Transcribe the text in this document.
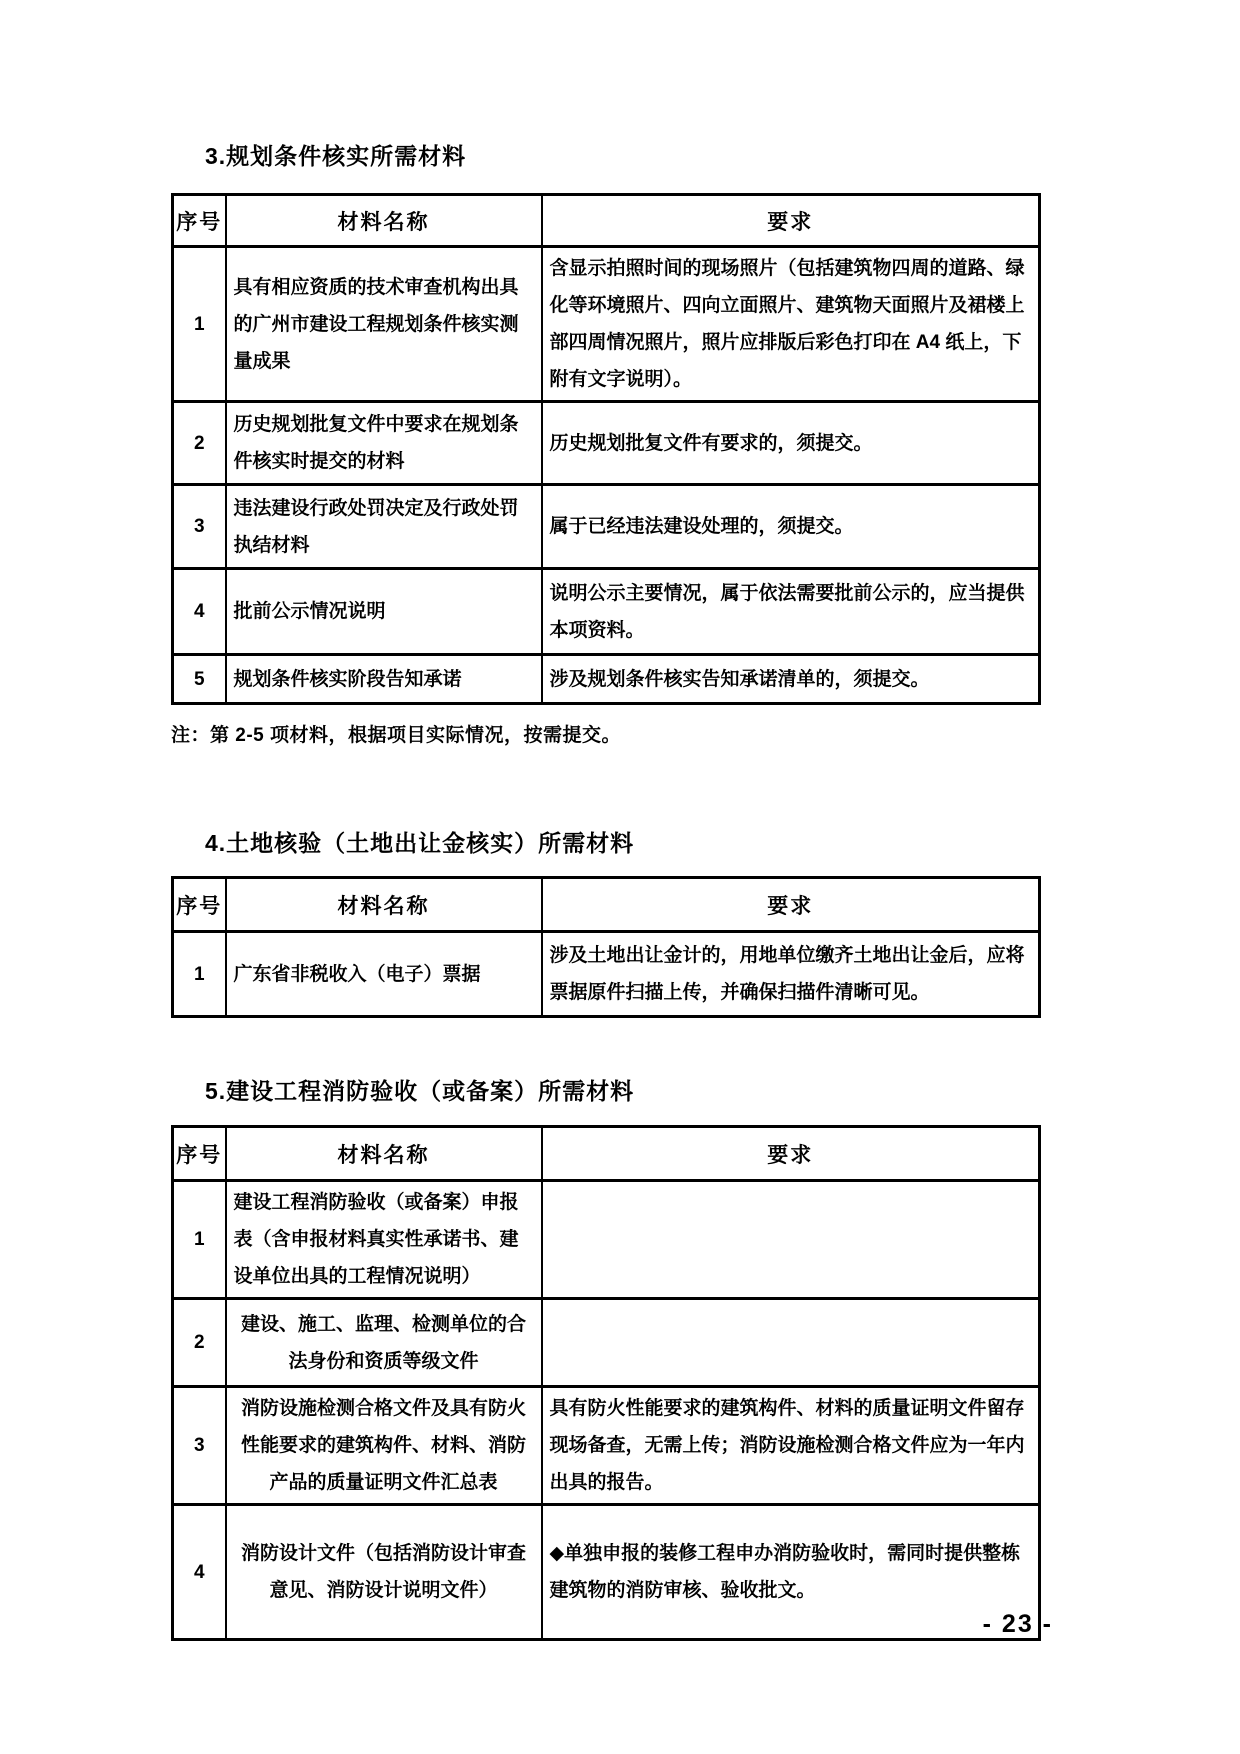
3.规划条件核实所需材料
序号	材料名称	要求
1	具有相应资质的技术审查机构出具的广州市建设工程规划条件核实测量成果	含显示拍照时间的现场照片（包括建筑物四周的道路、绿化等环境照片、四向立面照片、建筑物天面照片及裙楼上部四周情况照片，照片应排版后彩色打印在 A4 纸上，下附有文字说明）。
2	历史规划批复文件中要求在规划条件核实时提交的材料	历史规划批复文件有要求的，须提交。
3	违法建设行政处罚决定及行政处罚执结材料	属于已经违法建设处理的，须提交。
4	批前公示情况说明	说明公示主要情况，属于依法需要批前公示的，应当提供本项资料。
5	规划条件核实阶段告知承诺	涉及规划条件核实告知承诺清单的，须提交。

注：第 2-5 项材料，根据项目实际情况，按需提交。

4.土地核验（土地出让金核实）所需材料
序号	材料名称	要求
1	广东省非税收入（电子）票据	涉及土地出让金计的，用地单位缴齐土地出让金后，应将票据原件扫描上传，并确保扫描件清晰可见。
5.建设工程消防验收（或备案）所需材料
序号	材料名称	要求
1	建设工程消防验收（或备案）申报表（含申报材料真实性承诺书、建设单位出具的工程情况说明）	
2	建设、施工、监理、检测单位的合法身份和资质等级文件	
3	消防设施检测合格文件及具有防火性能要求的建筑构件、材料、消防产品的质量证明文件汇总表	具有防火性能要求的建筑构件、材料的质量证明文件留存现场备查，无需上传；消防设施检测合格文件应为一年内出具的报告。
4	消防设计文件（包括消防设计审查意见、消防设计说明文件）	◆单独申报的装修工程申办消防验收时，需同时提供整栋建筑物的消防审核、验收批文。
- 23 -
